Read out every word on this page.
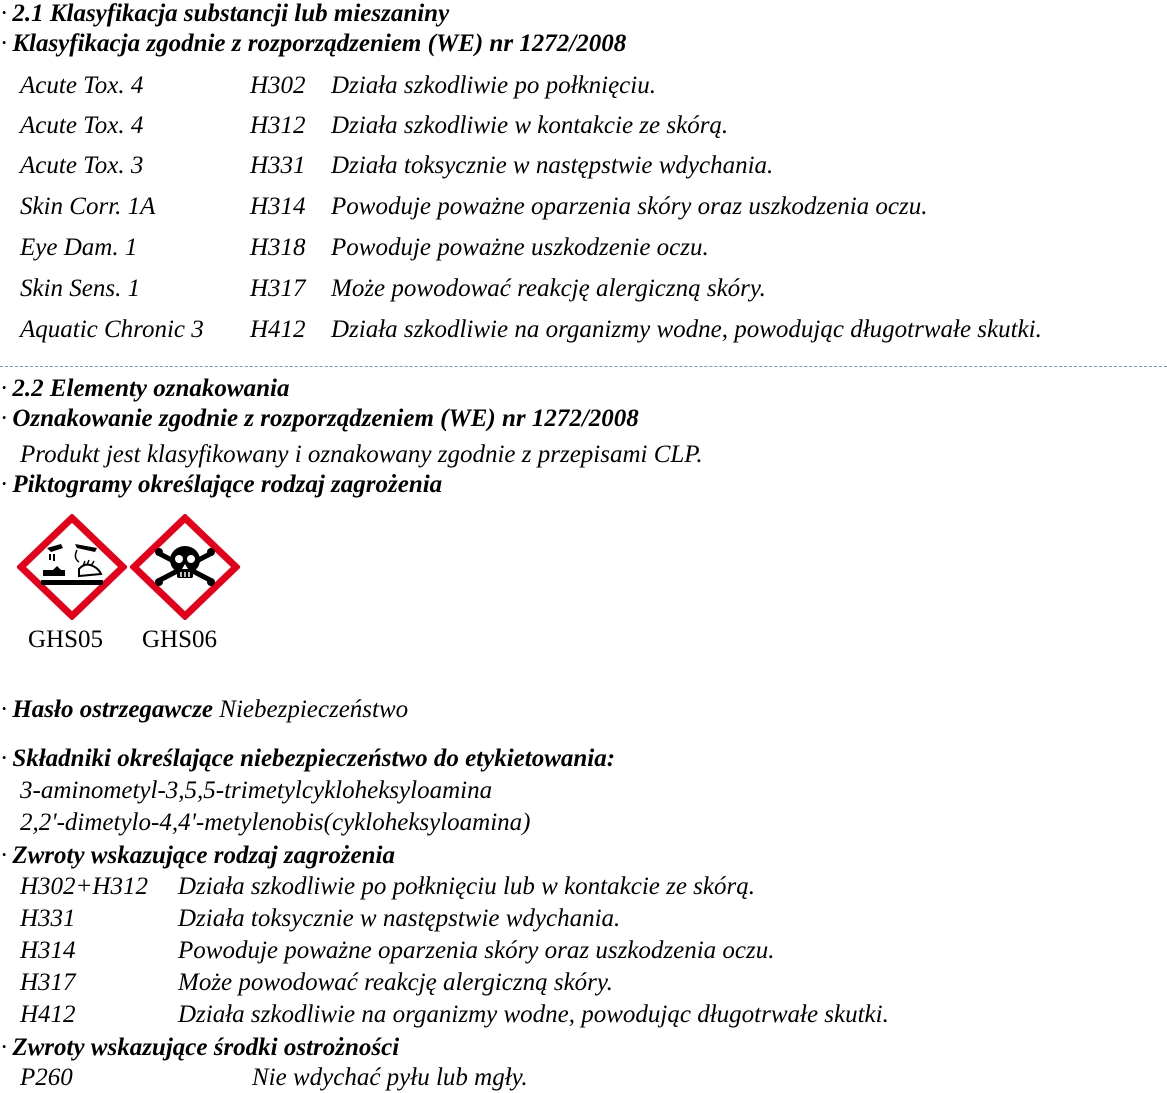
· 2.1 Klasyfikacja substancji lub mieszaniny
· Klasyfikacja zgodnie z rozporządzeniem (WE) nr 1272/2008
Acute Tox. 4	H302 Działa szkodliwie po połknięciu.
Acute Tox. 4	H312 Działa szkodliwie w kontakcie ze skórą.
Acute Tox. 3	H331 Działa toksycznie w następstwie wdychania.
Skin Corr. 1A	H314 Powoduje poważne oparzenia skóry oraz uszkodzenia oczu.
Eye Dam. 1	H318 Powoduje poważne uszkodzenie oczu.
Skin Sens. 1	H317 Może powodować reakcję alergiczną skóry.
Aquatic Chronic 3 H412 Działa szkodliwie na organizmy wodne, powodując długotrwałe skutki.
· 2.2 Elementy oznakowania
· Oznakowanie zgodnie z rozporządzeniem (WE) nr 1272/2008
Produkt jest klasyfikowany i oznakowany zgodnie z przepisami CLP.
· Piktogramy określające rodzaj zagrożenia
GHS05 GHS06
· Hasło ostrzegawcze Niebezpieczeństwo
· Składniki określające niebezpieczeństwo do etykietowania:
3-aminometyl-3,5,5-trimetylcykloheksyloamina
2,2'-dimetylo-4,4'-metylenobis(cykloheksyloamina)
· Zwroty wskazujące rodzaj zagrożenia
H302+H312 Działa szkodliwie po połknięciu lub w kontakcie ze skórą.
H331	Działa toksycznie w następstwie wdychania.
H314	Powoduje poważne oparzenia skóry oraz uszkodzenia oczu.
H317	Może powodować reakcję alergiczną skóry.
H412	Działa szkodliwie na organizmy wodne, powodując długotrwałe skutki.
· Zwroty wskazujące środki ostrożności
P260	Nie wdychać pyłu lub mgły.
